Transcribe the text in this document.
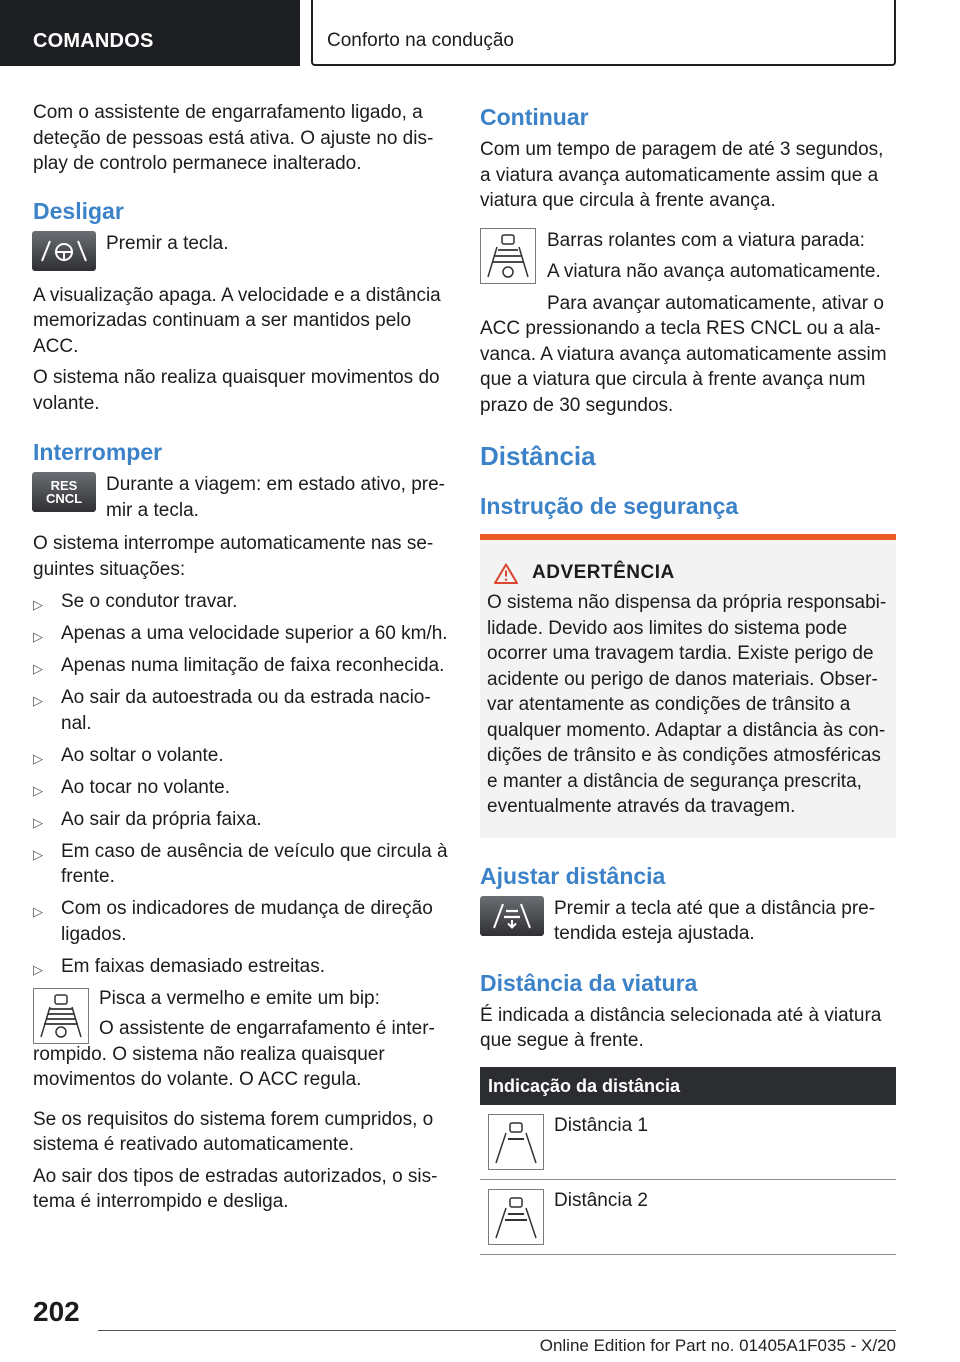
COMANDOS	Conforto na condução

Com o assistente de engarrafamento ligado, a deteção de pessoas está ativa. O ajuste no dis-play de controlo permanece inalterado.

Desligar

Premir a tecla.

A visualização apaga. A velocidade e a distância memorizadas continuam a ser mantidos pelo ACC.

O sistema não realiza quaisquer movimentos do volante.

Interromper
RES
CNCL

Durante a viagem: em estado ativo, pre-mir a tecla.

O sistema interrompe automaticamente nas se-guintes situações:

▷ Se o condutor travar.
▷ Apenas a uma velocidade superior a 60 km/h.
▷ Apenas numa limitação de faixa reconhecida.
▷ Ao sair da autoestrada ou da estrada nacio-nal.
▷ Ao soltar o volante.
▷ Ao tocar no volante.
▷ Ao sair da própria faixa.
▷ Em caso de ausência de veículo que circula à frente.
▷ Com os indicadores de mudança de direção ligados.
▷ Em faixas demasiado estreitas.

Pisca a vermelho e emite um bip:

O assistente de engarrafamento é inter-rompido. O sistema não realiza quaisquer movimentos do volante. O ACC regula.

Se os requisitos do sistema forem cumpridos, o sistema é reativado automaticamente.

Ao sair dos tipos de estradas autorizados, o sis-tema é interrompido e desliga.

Continuar

Com um tempo de paragem de até 3 segundos, a viatura avança automaticamente assim que a viatura que circula à frente avança.

Barras rolantes com a viatura parada:

A viatura não avança automaticamente.

Para avançar automaticamente, ativar o ACC pressionando a tecla RES CNCL ou a ala-vanca. A viatura avança automaticamente assim que a viatura que circula à frente avança num prazo de 30 segundos.

Distância
Instrução de segurança
ADVERTÊNCIA

O sistema não dispensa da própria responsabi-lidade. Devido aos limites do sistema pode ocorrer uma travagem tardia. Existe perigo de acidente ou perigo de danos materiais. Obser-var atentamente as condições de trânsito a qualquer momento. Adaptar a distância às con-dições de trânsito e às condições atmosféricas e manter a distância de segurança prescrita, eventualmente através da travagem.

Ajustar distância

Premir a tecla até que a distância pre-tendida esteja ajustada.

Distância da viatura

É indicada a distância selecionada até à viatura que segue à frente.

Indicação da distância

Distância 1

Distância 2

202
Online Edition for Part no. 01405A1F035 - X/20
